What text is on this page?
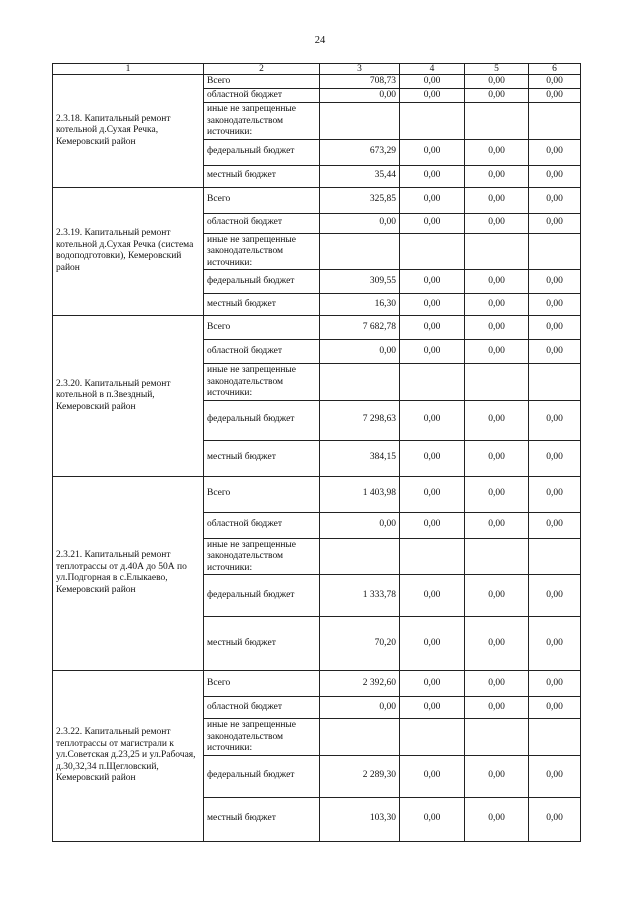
24
1	2	3	4	5	6
2.3.18. Капитальный ремонт котельной д.Сухая Речка, Кемеровский район	Всего	708,73	0,00	0,00	0,00
	областной бюджет	0,00	0,00	0,00	0,00
	иные не запрещенные законодательством источники:				
	федеральный бюджет	673,29	0,00	0,00	0,00
	местный бюджет	35,44	0,00	0,00	0,00
2.3.19. Капитальный ремонт котельной д.Сухая Речка (система водоподготовки), Кемеровский район	Всего	325,85	0,00	0,00	0,00
	областной бюджет	0,00	0,00	0,00	0,00
	иные не запрещенные законодательством источники:				
	федеральный бюджет	309,55	0,00	0,00	0,00
	местный бюджет	16,30	0,00	0,00	0,00
2.3.20. Капитальный ремонт котельной в п.Звездный, Кемеровский район	Всего	7 682,78	0,00	0,00	0,00
	областной бюджет	0,00	0,00	0,00	0,00
	иные не запрещенные законодательством источники:				
	федеральный бюджет	7 298,63	0,00	0,00	0,00
	местный бюджет	384,15	0,00	0,00	0,00
2.3.21. Капитальный ремонт теплотрассы от д.40А до 50А по ул.Подгорная в с.Елыкаево, Кемеровский район	Всего	1 403,98	0,00	0,00	0,00
	областной бюджет	0,00	0,00	0,00	0,00
	иные не запрещенные законодательством источники:				
	федеральный бюджет	1 333,78	0,00	0,00	0,00
	местный бюджет	70,20	0,00	0,00	0,00
2.3.22. Капитальный ремонт теплотрассы от магистрали к ул.Советская д.23,25 и ул.Рабочая, д.30,32,34 п.Щегловский, Кемеровский район	Всего	2 392,60	0,00	0,00	0,00
	областной бюджет	0,00	0,00	0,00	0,00
	иные не запрещенные законодательством источники:				
	федеральный бюджет	2 289,30	0,00	0,00	0,00
	местный бюджет	103,30	0,00	0,00	0,00
